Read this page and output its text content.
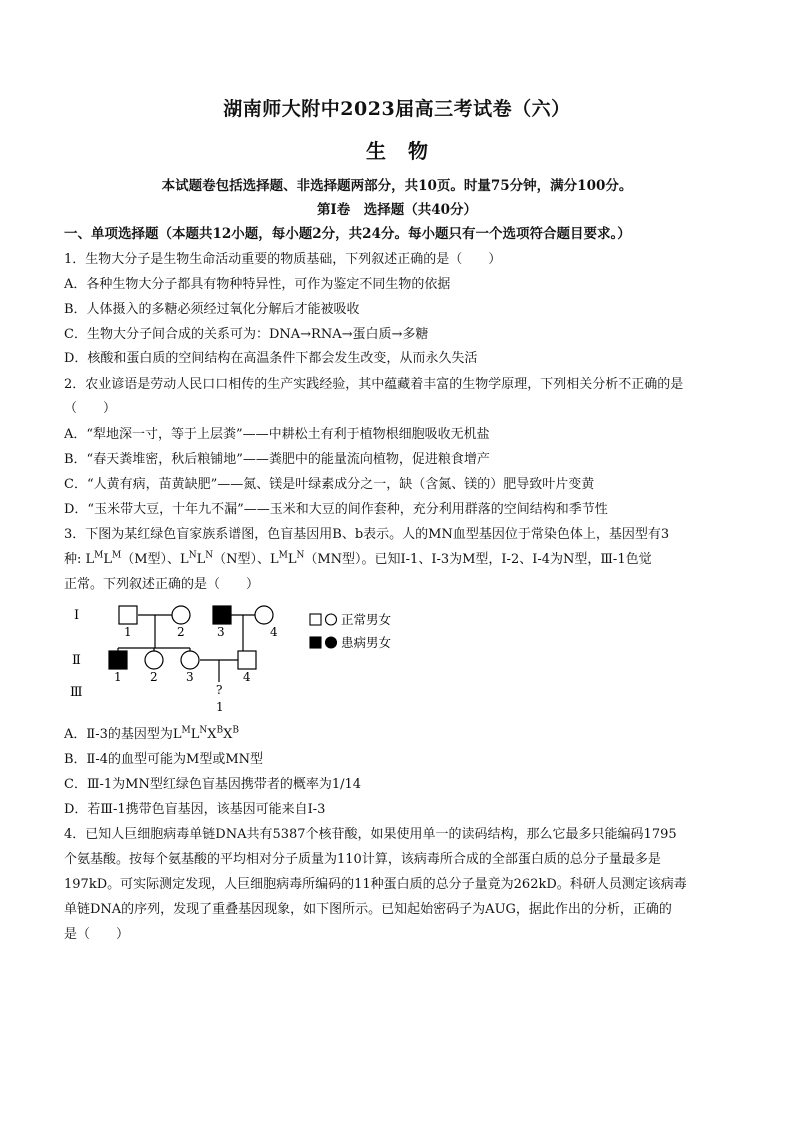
湖南师大附中2023届高三考试卷（六）
生物
本试题卷包括选择题、非选择题两部分，共10页。时量75分钟，满分100分。
第Ⅰ卷　选择题（共40分）
一、单项选择题（本题共12小题，每小题2分，共24分。每小题只有一个选项符合题目要求。）
1．生物大分子是生物生命活动重要的物质基础，下列叙述正确的是（　　）
A．各种生物大分子都具有物种特异性，可作为鉴定不同生物的依据
B．人体摄入的多糖必须经过氧化分解后才能被吸收
C．生物大分子间合成的关系可为：DNA→RNA→蛋白质→多糖
D．核酸和蛋白质的空间结构在高温条件下都会发生改变，从而永久失活
2．农业谚语是劳动人民口口相传的生产实践经验，其中蕴藏着丰富的生物学原理，下列相关分析不正确的是
（　　）
A．“犁地深一寸，等于上层粪”——中耕松土有利于植物根细胞吸收无机盐
B．“春天粪堆密，秋后粮铺地”——粪肥中的能量流向植物，促进粮食增产
C．“人黄有病，苗黄缺肥”——氮、镁是叶绿素成分之一，缺（含氮、镁的）肥导致叶片变黄
D．“玉米带大豆，十年九不漏”——玉米和大豆的间作套种，充分利用群落的空间结构和季节性
3．下图为某红绿色盲家族系谱图，色盲基因用B、b表示。人的MN血型基因位于常染色体上，基因型有3
种: $L^ML^M(M$型）、$L^NL^N(N$型）、$L^ML^N(MN$型）。已知Ⅰ-1、Ⅰ-3为M型，Ⅰ-2、Ⅰ-4为N型，Ⅲ-1色觉
正常。下列叙述正确的是（　　）
Ⅰ
Ⅱ
Ⅲ
1	2	3	4
1 2 3	4
?
1
正常男女
患病男女
A．Ⅱ-3的基因型为$L^ML^NX^BX^B$
B．Ⅱ-4的血型可能为M型或MN型
C．Ⅲ-1为MN型红绿色盲基因携带者的概率为1/14
D．若Ⅲ-1携带色盲基因，该基因可能来自Ⅰ-3
4．已知人巨细胞病毒单链DNA共有5387个核苷酸，如果使用单一的读码结构，那么它最多只能编码1795
个氨基酸。按每个氨基酸的平均相对分子质量为110计算，该病毒所合成的全部蛋白质的总分子量最多是
197kD。可实际测定发现，人巨细胞病毒所编码的11种蛋白质的总分子量竟为262kD。科研人员测定该病毒
单链DNA的序列，发现了重叠基因现象，如下图所示。已知起始密码子为AUG，据此作出的分析，正确的
是（　　）
